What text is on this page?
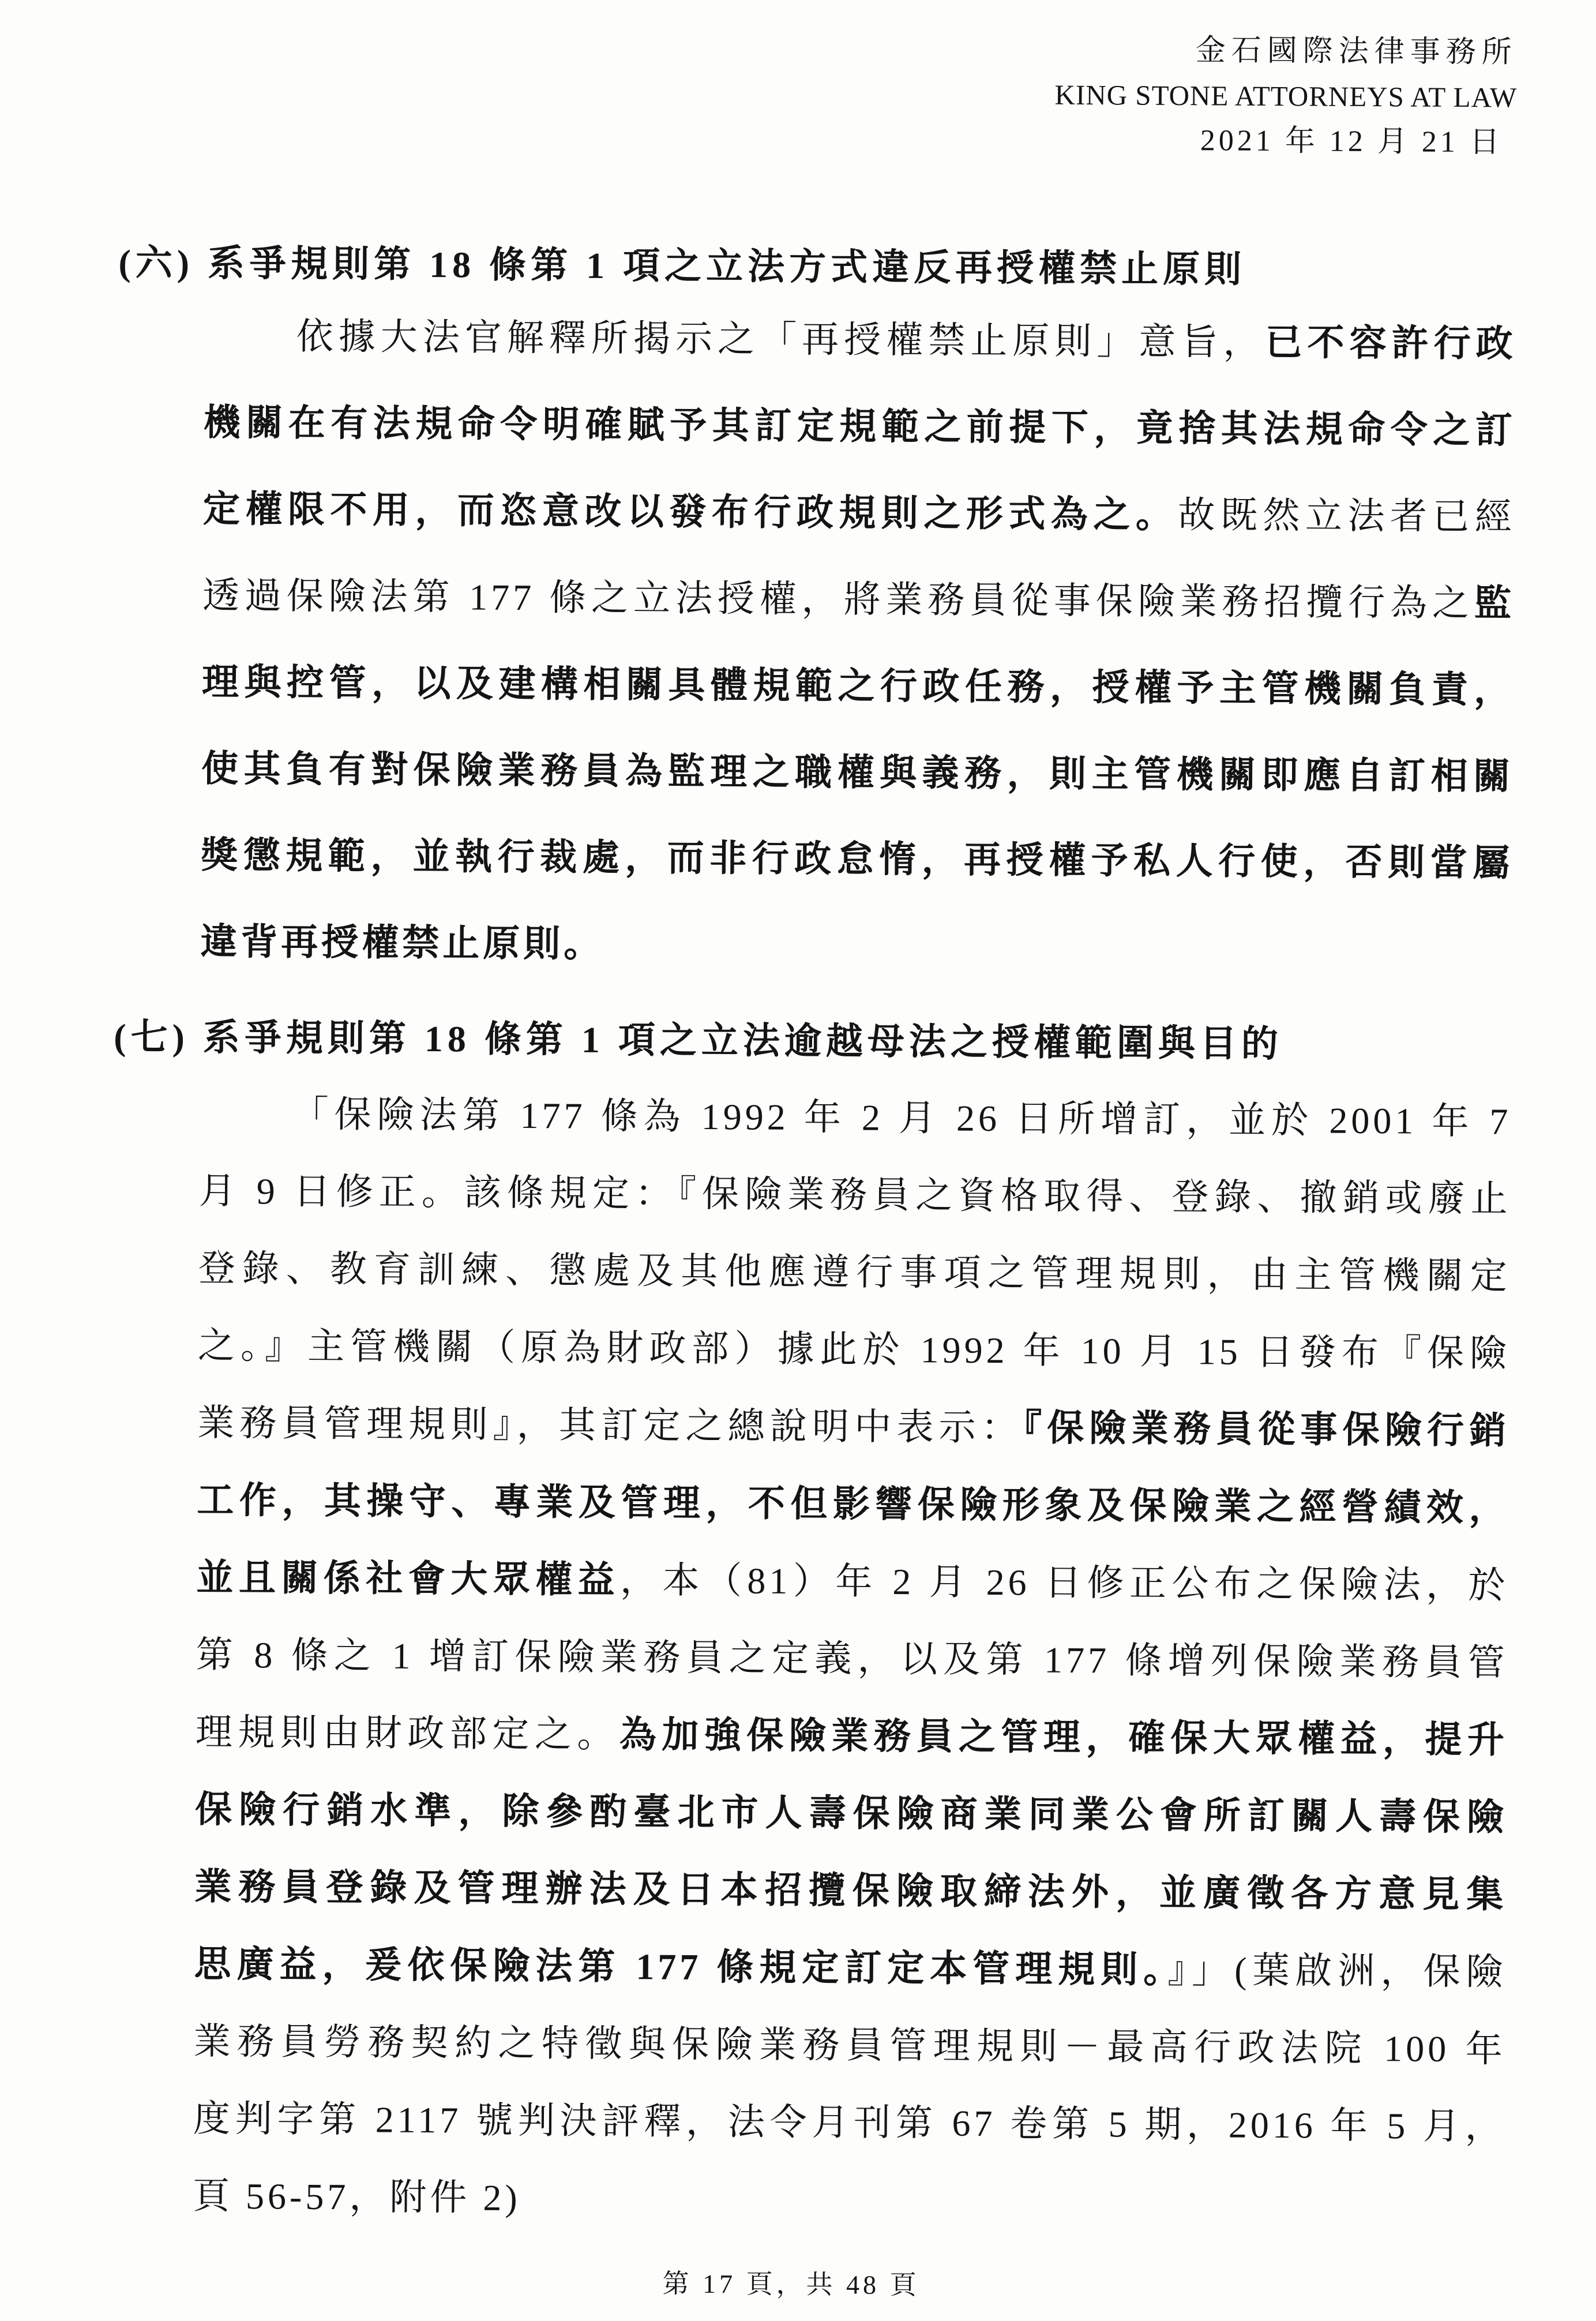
金石國際法律事務所
KING STONE ATTORNEYS AT LAW
2021 年 12 月 21 日
(六) 系爭規則第 18 條第 1 項之立法方式違反再授權禁止原則
依據大法官解釋所揭示之「再授權禁止原則」意旨，已不容許行政
機關在有法規命令明確賦予其訂定規範之前提下，竟捨其法規命令之訂
定權限不用，而恣意改以發布行政規則之形式為之。故既然立法者已經
透過保險法第 177 條之立法授權，將業務員從事保險業務招攬行為之監
理與控管，以及建構相關具體規範之行政任務，授權予主管機關負責，
使其負有對保險業務員為監理之職權與義務，則主管機關即應自訂相關
獎懲規範，並執行裁處，而非行政怠惰，再授權予私人行使，否則當屬
違背再授權禁止原則。
(七) 系爭規則第 18 條第 1 項之立法逾越母法之授權範圍與目的
「保險法第 177 條為 1992 年 2 月 26 日所增訂，並於 2001 年 7
月 9 日修正。該條規定：『保險業務員之資格取得、登錄、撤銷或廢止
登錄、教育訓練、懲處及其他應遵行事項之管理規則，由主管機關定
之。』主管機關（原為財政部）據此於 1992 年 10 月 15 日發布『保險
業務員管理規則』，其訂定之總說明中表示：『保險業務員從事保險行銷
工作，其操守、專業及管理，不但影響保險形象及保險業之經營績效，
並且關係社會大眾權益，本（81）年 2 月 26 日修正公布之保險法，於
第 8 條之 1 增訂保險業務員之定義，以及第 177 條增列保險業務員管
理規則由財政部定之。為加強保險業務員之管理，確保大眾權益，提升
保險行銷水準，除參酌臺北市人壽保險商業同業公會所訂關人壽保險
業務員登錄及管理辦法及日本招攬保險取締法外，並廣徵各方意見集
思廣益，爰依保險法第 177 條規定訂定本管理規則。』」(葉啟洲，保險
業務員勞務契約之特徵與保險業務員管理規則－最高行政法院 100 年
度判字第 2117 號判決評釋，法令月刊第 67 卷第 5 期，2016 年 5 月，
頁 56-57，附件 2)
第 17 頁，共 48 頁
